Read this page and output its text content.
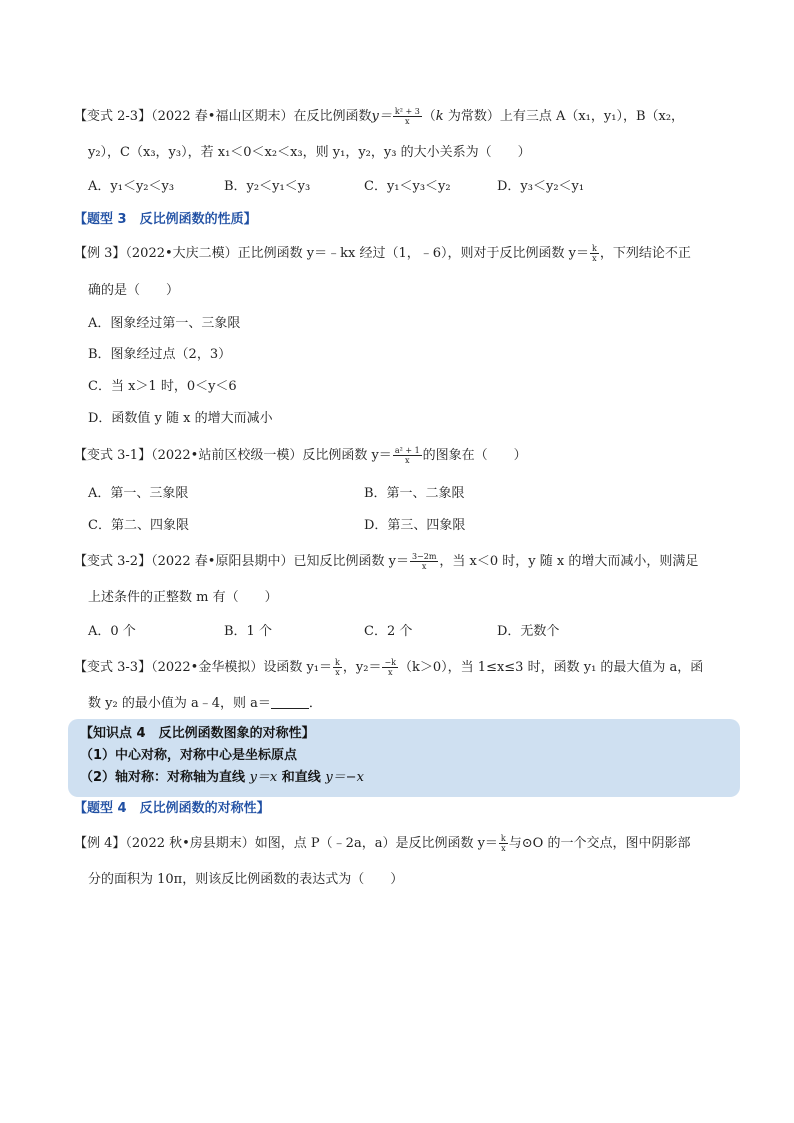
【变式 2-3】（2022 春•福山区期末）在反比例函数$y= \frac{\text{k² + 3}}{x} (k$ 为常数）上有三点 A（x₁，y₁），B（x₂，
y₂），C（x₃，y₃），若 x₁＜0＜x₂＜x₃，则 y₁，y₂，y₃ 的大小关系为（　　）
A．y₁＜y₂＜y₃	B．y₂＜y₁＜y₃	C．y₁＜y₃＜y₂	D．y₃＜y₂＜y₁
【题型 3　反比例函数的性质】
【例 3】（2022•大庆二模）正比例函数 y＝﹣kx 经过（1，﹣6），则对于反比例函数 $y= \frac{k}{x}$ ，下列结论不正
确的是（　　）
A．图象经过第一、三象限
B．图象经过点（2，3）
C．当 x＞1 时，0＜y＜6
D．函数值 y 随 x 的增大而减小
【变式 3-1】（2022•站前区校级一模）反比例函数 $y= \frac{\text{a² + 1}}{x}$ 的图象在（　　）
A．第一、三象限	B．第一、二象限
C．第二、四象限	D．第三、四象限
【变式 3-2】（2022 春•原阳县期中）已知反比例函数 $y= \frac{3-2m}{x}$ ，当 x＜0 时，y 随 x 的增大而减小，则满足
上述条件的正整数 m 有（　　）
A．0 个	B．1 个	C．2 个	D．无数个
【变式 3-3】（2022•金华模拟）设函数 $y_1= \frac{k}{x}$ ，$y_2= \frac{-k}{x} (k>0)$，当 1≤x≤3 时，函数 y₁ 的最大值为 a，函
数 y₂ 的最小值为 a﹣4，则 a＝	．
【知识点 4　反比例函数图象的对称性】
（1）中心对称，对称中心是坐标原点
（2）轴对称：对称轴为直线 y＝x 和直线 y＝−x
【题型 4　反比例函数的对称性】
【例 4】（2022 秋•房县期末）如图，点 P（﹣2a，a）是反比例函数 $y= \frac{k}{x}$ 与⊙O 的一个交点，图中阴影部
分的面积为 10π，则该反比例函数的表达式为（　　）
